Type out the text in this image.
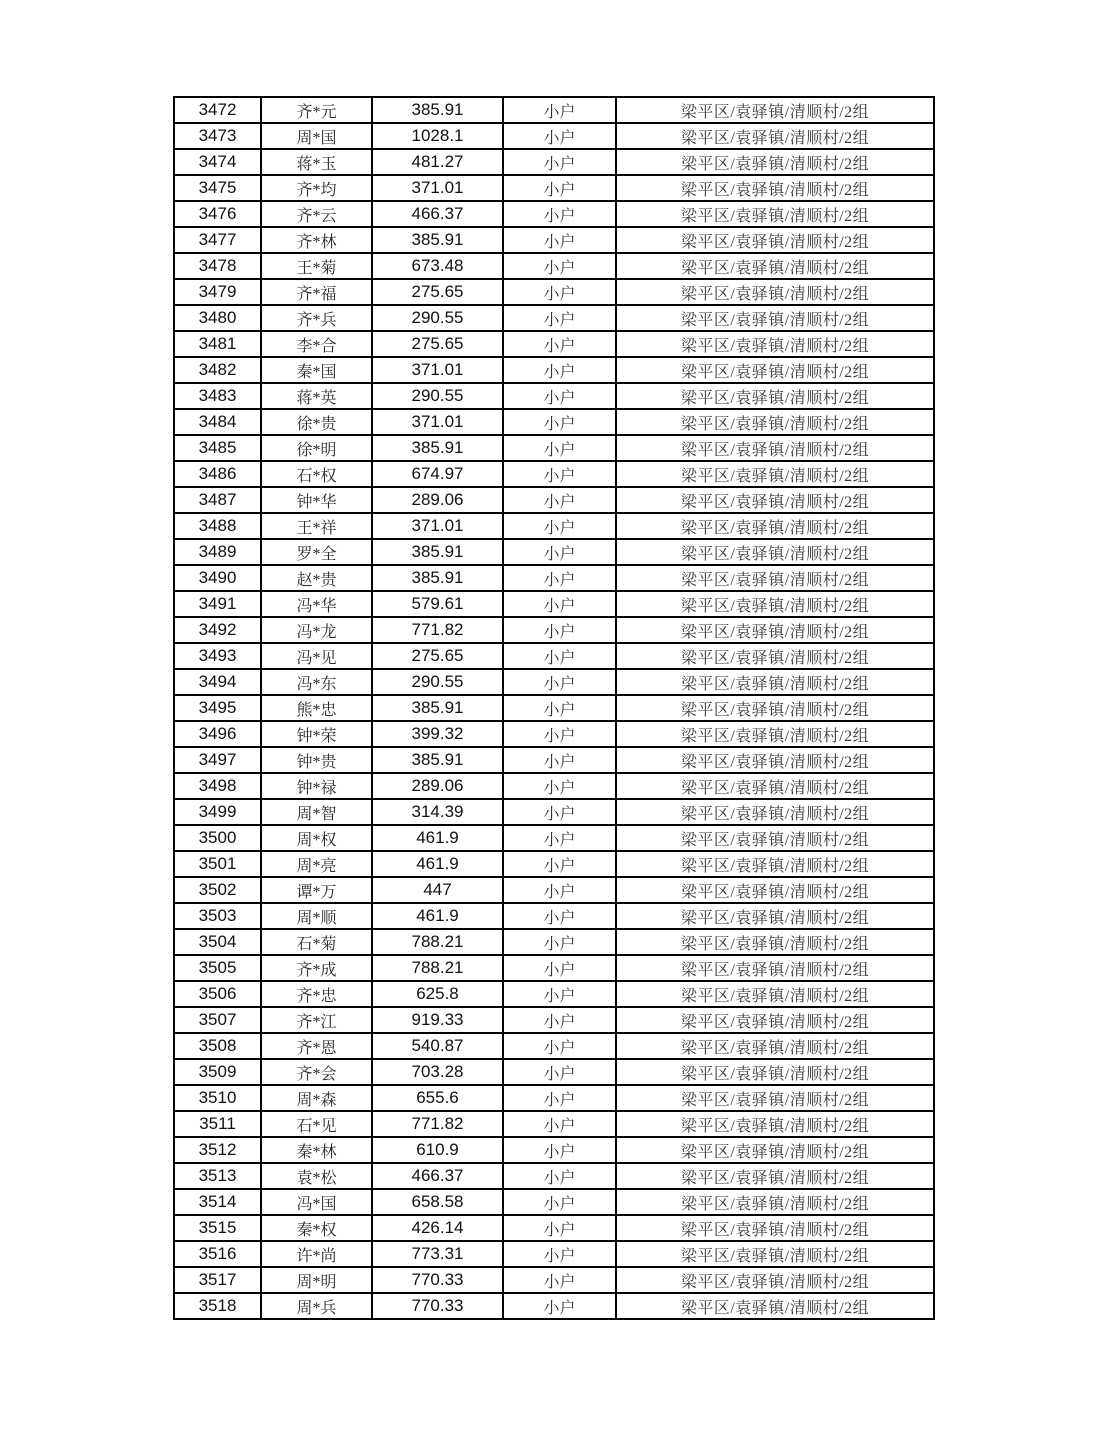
3472	齐*元	385.91	小户	梁平区/袁驿镇/清顺村/2组
3473	周*国	1028.1	小户	梁平区/袁驿镇/清顺村/2组
3474	蒋*玉	481.27	小户	梁平区/袁驿镇/清顺村/2组
3475	齐*均	371.01	小户	梁平区/袁驿镇/清顺村/2组
3476	齐*云	466.37	小户	梁平区/袁驿镇/清顺村/2组
3477	齐*林	385.91	小户	梁平区/袁驿镇/清顺村/2组
3478	王*菊	673.48	小户	梁平区/袁驿镇/清顺村/2组
3479	齐*福	275.65	小户	梁平区/袁驿镇/清顺村/2组
3480	齐*兵	290.55	小户	梁平区/袁驿镇/清顺村/2组
3481	李*合	275.65	小户	梁平区/袁驿镇/清顺村/2组
3482	秦*国	371.01	小户	梁平区/袁驿镇/清顺村/2组
3483	蒋*英	290.55	小户	梁平区/袁驿镇/清顺村/2组
3484	徐*贵	371.01	小户	梁平区/袁驿镇/清顺村/2组
3485	徐*明	385.91	小户	梁平区/袁驿镇/清顺村/2组
3486	石*权	674.97	小户	梁平区/袁驿镇/清顺村/2组
3487	钟*华	289.06	小户	梁平区/袁驿镇/清顺村/2组
3488	王*祥	371.01	小户	梁平区/袁驿镇/清顺村/2组
3489	罗*全	385.91	小户	梁平区/袁驿镇/清顺村/2组
3490	赵*贵	385.91	小户	梁平区/袁驿镇/清顺村/2组
3491	冯*华	579.61	小户	梁平区/袁驿镇/清顺村/2组
3492	冯*龙	771.82	小户	梁平区/袁驿镇/清顺村/2组
3493	冯*见	275.65	小户	梁平区/袁驿镇/清顺村/2组
3494	冯*东	290.55	小户	梁平区/袁驿镇/清顺村/2组
3495	熊*忠	385.91	小户	梁平区/袁驿镇/清顺村/2组
3496	钟*荣	399.32	小户	梁平区/袁驿镇/清顺村/2组
3497	钟*贵	385.91	小户	梁平区/袁驿镇/清顺村/2组
3498	钟*禄	289.06	小户	梁平区/袁驿镇/清顺村/2组
3499	周*智	314.39	小户	梁平区/袁驿镇/清顺村/2组
3500	周*权	461.9	小户	梁平区/袁驿镇/清顺村/2组
3501	周*亮	461.9	小户	梁平区/袁驿镇/清顺村/2组
3502	谭*万	447	小户	梁平区/袁驿镇/清顺村/2组
3503	周*顺	461.9	小户	梁平区/袁驿镇/清顺村/2组
3504	石*菊	788.21	小户	梁平区/袁驿镇/清顺村/2组
3505	齐*成	788.21	小户	梁平区/袁驿镇/清顺村/2组
3506	齐*忠	625.8	小户	梁平区/袁驿镇/清顺村/2组
3507	齐*江	919.33	小户	梁平区/袁驿镇/清顺村/2组
3508	齐*恩	540.87	小户	梁平区/袁驿镇/清顺村/2组
3509	齐*会	703.28	小户	梁平区/袁驿镇/清顺村/2组
3510	周*森	655.6	小户	梁平区/袁驿镇/清顺村/2组
3511	石*见	771.82	小户	梁平区/袁驿镇/清顺村/2组
3512	秦*林	610.9	小户	梁平区/袁驿镇/清顺村/2组
3513	袁*松	466.37	小户	梁平区/袁驿镇/清顺村/2组
3514	冯*国	658.58	小户	梁平区/袁驿镇/清顺村/2组
3515	秦*权	426.14	小户	梁平区/袁驿镇/清顺村/2组
3516	许*尚	773.31	小户	梁平区/袁驿镇/清顺村/2组
3517	周*明	770.33	小户	梁平区/袁驿镇/清顺村/2组
3518	周*兵	770.33	小户	梁平区/袁驿镇/清顺村/2组
